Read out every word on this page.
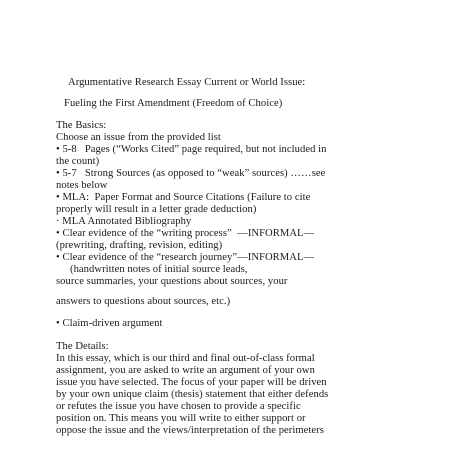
Argumentative Research Essay Current or World Issue:
Fueling the First Amendment (Freedom of Choice)
The Basics:
Choose an issue from the provided list
• 5-8   Pages (“Works Cited” page required, but not included in
the count)
• 5-7   Strong Sources (as opposed to “weak” sources) ……see
notes below
• MLA:  Paper Format and Source Citations (Failure to cite
properly will result in a letter grade deduction)
· MLA Annotated Bibliography
• Clear evidence of the “writing process”  —INFORMAL—
(prewriting, drafting, revision, editing)
• Clear evidence of the “research journey”—INFORMAL—
(handwritten notes of initial source leads,
source summaries, your questions about sources, your
answers to questions about sources, etc.)
• Claim-driven argument
The Details:
In this essay, which is our third and final out-of-class formal
assignment, you are asked to write an argument of your own
issue you have selected. The focus of your paper will be driven
by your own unique claim (thesis) statement that either defends
or refutes the issue you have chosen to provide a specific
position on. This means you will write to either support or
oppose the issue and the views/interpretation of the perimeters
